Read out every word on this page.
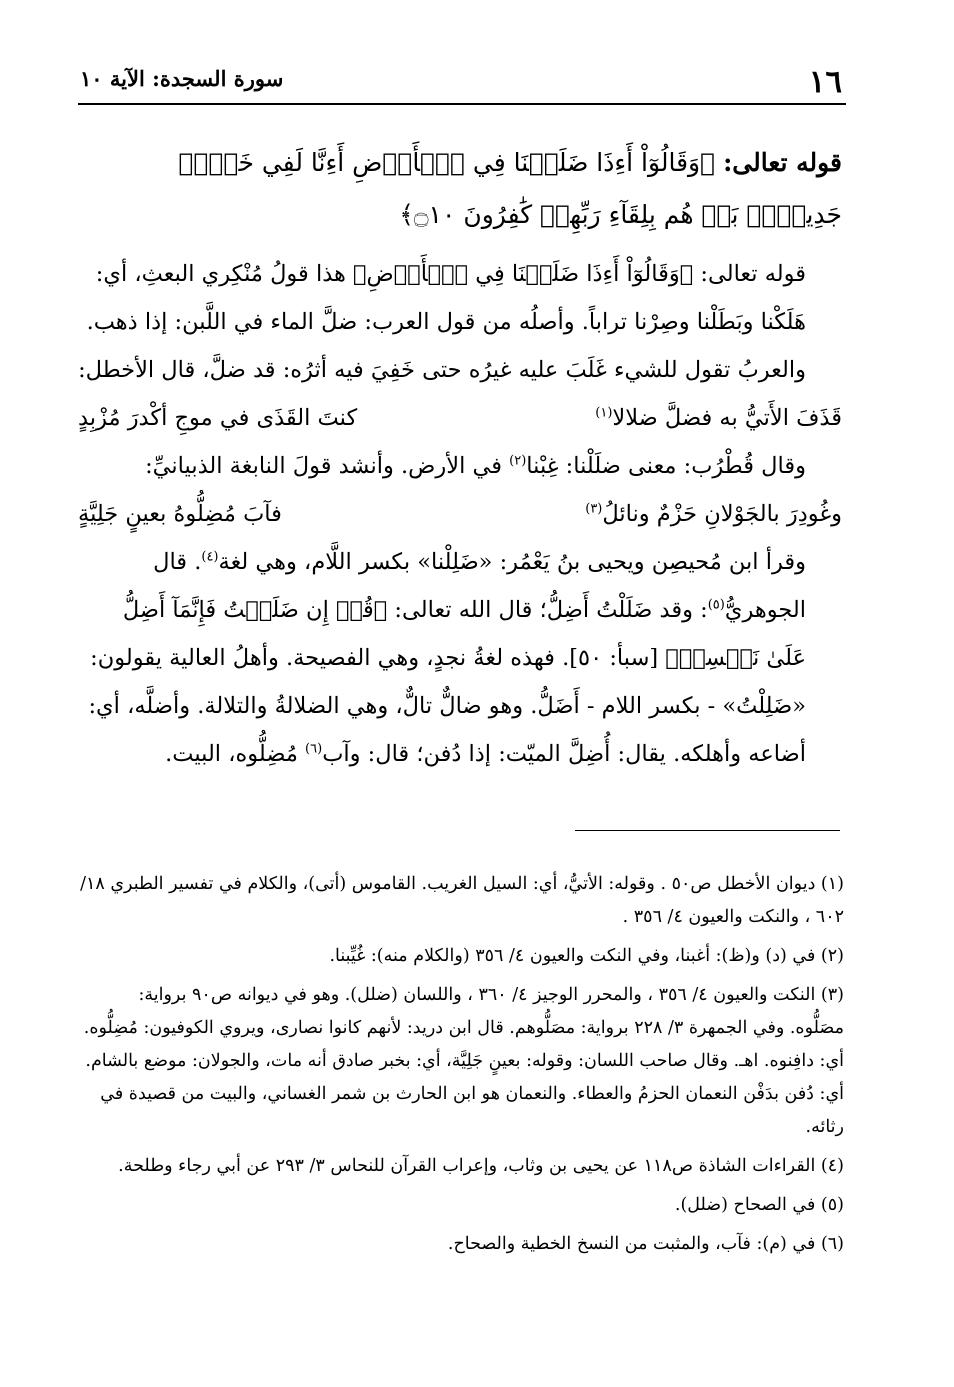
١٦
سورة السجدة: الآية ١٠
قوله تعالى: ﴿وَقَالُوٓاْ أَءِذَا ضَلَلۡنَا فِي ٱلۡأَرۡضِ أَءِنَّا لَفِي خَلۡقٖ جَدِيدِۭۚ بَلۡ هُم بِلِقَآءِ رَبِّهِمۡ كَٰفِرُونَ ۝١٠﴾

قوله تعالى: ﴿وَقَالُوٓاْ أَءِذَا ضَلَلۡنَا فِي ٱلۡأَرۡضِ﴾ هذا قولُ مُنْكِري البعثِ، أي: هَلَكْنا وبَطَلْنا وصِرْنا تراباً. وأصلُه من قول العرب: ضلَّ الماء في اللَّبن: إذا ذهب. والعربُ تقول للشيء غَلَبَ عليه غيرُه حتى خَفِيَ فيه أثرُه: قد ضلَّ، قال الأخطل:

كنتَ القَذَى في موجِ أكْدرَ مُزْبِدٍ	قَذَفَ الأَتيُّ به فضلَّ ضلالا$^{(١)}$

وقال قُطْرُب: معنى ضلَلْنا: غِبْنا$^{(٢)}$ في الأرض. وأنشد قولَ النابغة الذبيانيِّ:

فآبَ مُضِلُّوهُ بعينٍ جَلِيَّةٍ	وغُودِرَ بالجَوْلانِ حَزْمٌ ونائلُ$^{(٣)}$

وقرأ ابن مُحيصِن ويحيى بنُ يَعْمُر: «ضَلِلْنا» بكسر اللَّام، وهي لغة$^{(٤)}$. قال الجوهريُّ$^{(٥)}$: وقد ضَلَلْتُ أَضِلُّ؛ قال الله تعالى: ﴿قُلۡ إِن ضَلَلۡتُ فَإِنَّمَآ أَضِلُّ عَلَىٰ نَفۡسِيۖ﴾ [سبأ: ٥٠]. فهذه لغةُ نجدٍ، وهي الفصيحة. وأهلُ العالية يقولون: «ضَلِلْتُ» - بكسر اللام - أَضَلُّ. وهو ضالٌّ تالٌّ، وهي الضلالةُ والتلالة. وأضلَّه، أي: أضاعه وأهلكه. يقال: أُضِلَّ الميّت: إذا دُفن؛ قال: وآب$^{(٦)}$ مُضِلُّوه، البيت.

(١) ديوان الأخطل ص٥٠ . وقوله: الأتيُّ، أي: السيل الغريب. القاموس (أتى)، والكلام في تفسير الطبري ١٨/ ٦٠٢ ، والنكت والعيون ٤/ ٣٥٦ .

(٢) في (د) و(ظ): أغبنا، وفي النكت والعيون ٤/ ٣٥٦ (والكلام منه): غُيِّبنا.

(٣) النكت والعيون ٤/ ٣٥٦ ، والمحرر الوجيز ٤/ ٣٦٠ ، واللسان (ضلل). وهو في ديوانه ص٩٠ برواية: مصَلُّوه. وفي الجمهرة ٣/ ٢٢٨ برواية: مصَلُّوهم. قال ابن دريد: لأنهم كانوا نصارى، ويروي الكوفيون: مُضِلُّوه. أي: دافِنوه. اهـ. وقال صاحب اللسان: وقوله: بعينٍ جَلِيَّة، أي: بخبر صادق أنه مات، والجولان: موضع بالشام. أي: دُفن بدَفْن النعمان الحزمُ والعطاء. والنعمان هو ابن الحارث بن شمر الغساني، والبيت من قصيدة في رثائه.

(٤) القراءات الشاذة ص١١٨ عن يحيى بن وثاب، وإعراب القرآن للنحاس ٣/ ٢٩٣ عن أبي رجاء وطلحة.

(٥) في الصحاح (ضلل).

(٦) في (م): فآب، والمثبت من النسخ الخطية والصحاح.
